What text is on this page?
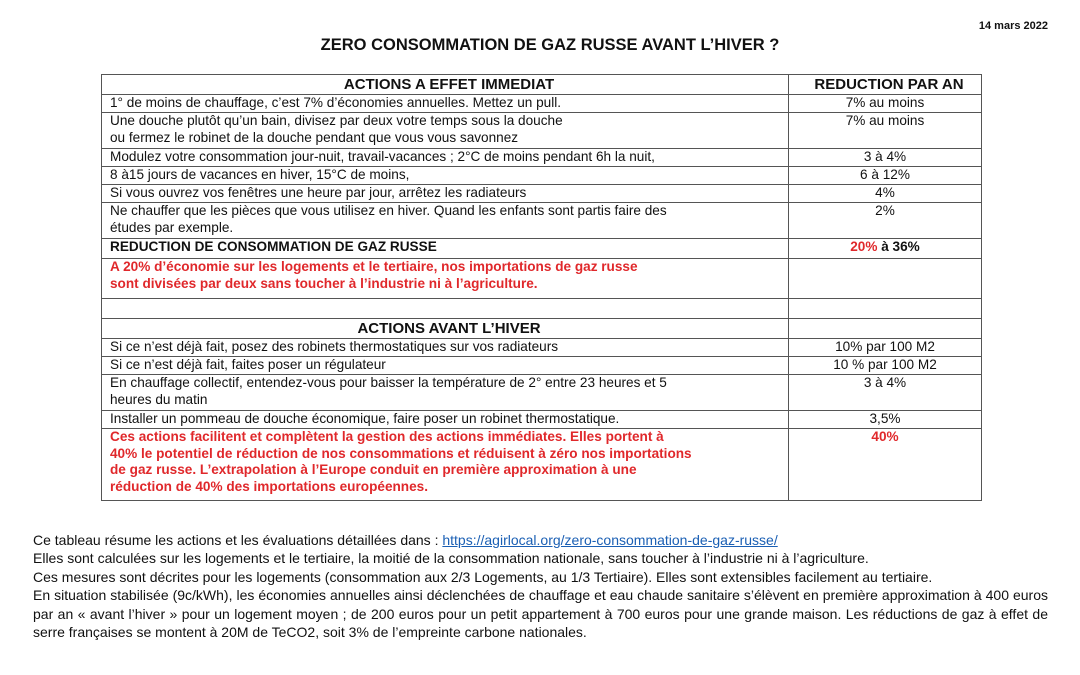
14 mars 2022
ZERO CONSOMMATION DE GAZ RUSSE AVANT L’HIVER ?
ACTIONS A EFFET IMMEDIAT	REDUCTION PAR AN
1° de moins de chauffage, c’est 7% d’économies annuelles. Mettez un pull.	7% au moins
Une douche plutôt qu’un bain, divisez par deux votre temps sous la douche
ou fermez le robinet de la douche pendant que vous vous savonnez	7% au moins
Modulez votre consommation jour-nuit, travail-vacances ; 2°C de moins pendant 6h la nuit,	3 à 4%
8 à15 jours de vacances en hiver, 15°C de moins,	6 à 12%
Si vous ouvrez vos fenêtres une heure par jour, arrêtez les radiateurs	4%
Ne chauffer que les pièces que vous utilisez en hiver. Quand les enfants sont partis faire des
études par exemple.	2%
REDUCTION DE CONSOMMATION DE GAZ RUSSE	20% à 36%
A 20% d’économie sur les logements et le tertiaire, nos importations de gaz russe
sont divisées par deux sans toucher à l’industrie ni à l’agriculture.	

ACTIONS AVANT L’HIVER	
Si ce n’est déjà fait, posez des robinets thermostatiques sur vos radiateurs	10% par 100 M2
Si ce n’est déjà fait, faites poser un régulateur	10 % par 100 M2
En chauffage collectif, entendez-vous pour baisser la température de 2° entre 23 heures et 5
heures du matin	3 à 4%
Installer un pommeau de douche économique, faire poser un robinet thermostatique.	3,5%
Ces actions facilitent et complètent la gestion des actions immédiates. Elles portent à
40% le potentiel de réduction de nos consommations et réduisent à zéro nos importations
de gaz russe. L’extrapolation à l’Europe conduit en première approximation à une
réduction de 40% des importations européennes.	40%

Ce tableau résume les actions et les évaluations détaillées dans : https://agirlocal.org/zero-consommation-de-gaz-russe/

Elles sont calculées sur les logements et le tertiaire, la moitié de la consommation nationale, sans toucher à l’industrie ni à l’agriculture.

Ces mesures sont décrites pour les logements (consommation aux 2/3 Logements, au 1/3 Tertiaire). Elles sont extensibles facilement au tertiaire.

En situation stabilisée (9c/kWh), les économies annuelles ainsi déclenchées de chauffage et eau chaude sanitaire s’élèvent en première approximation à 400 euros par an « avant l’hiver » pour un logement moyen ; de 200 euros pour un petit appartement à 700 euros pour une grande maison. Les réductions de gaz à effet de serre françaises se montent à 20M de TeCO2, soit 3% de l’empreinte carbone nationales.
